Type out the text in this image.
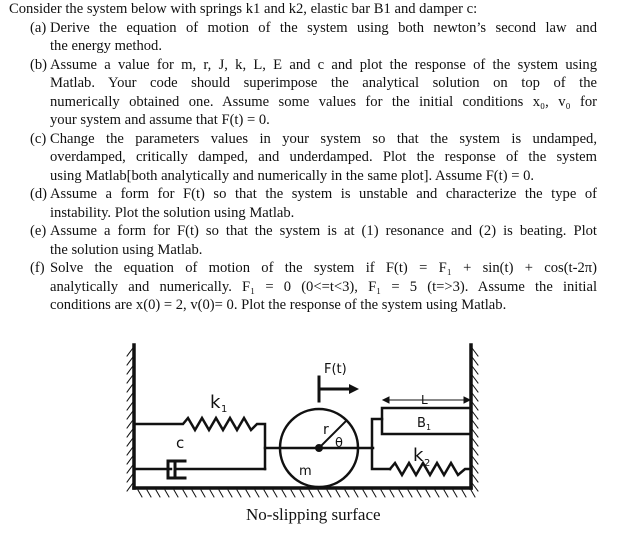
Consider the system below with springs k1 and k2, elastic bar B1 and damper c:
(a) Derive the equation of motion of the system using both newton’s second law and
the energy method.
(b) Assume a value for m, r, J, k, L, E and c and plot the response of the system using
Matlab. Your code should superimpose the analytical solution on top of the
numerically obtained one. Assume some values for the initial conditions x₀, v₀ for
your system and assume that F(t) = 0.
(c) Change the parameters values in your system so that the system is undamped,
overdamped, critically damped, and underdamped. Plot the response of the system
using Matlab[both analytically and numerically in the same plot]. Assume F(t) = 0.
(d) Assume a form for F(t) so that the system is unstable and characterize the type of
instability. Plot the solution using Matlab.
(e) Assume a form for F(t) so that the system is at (1) resonance and (2) is beating. Plot
the solution using Matlab.
(f) Solve the equation of motion of the system if F(t) = F₁ + sin(t) + cos(t-2π)
analytically and numerically. F₁ = 0 (0<=t<3), F₁ = 5 (t=>3). Assume the initial
conditions are x(0) = 2, v(0)= 0. Plot the response of the system using Matlab.
F(t)
k 1
c
r
θ
m
L
B 1
k 2
No-slipping surface
